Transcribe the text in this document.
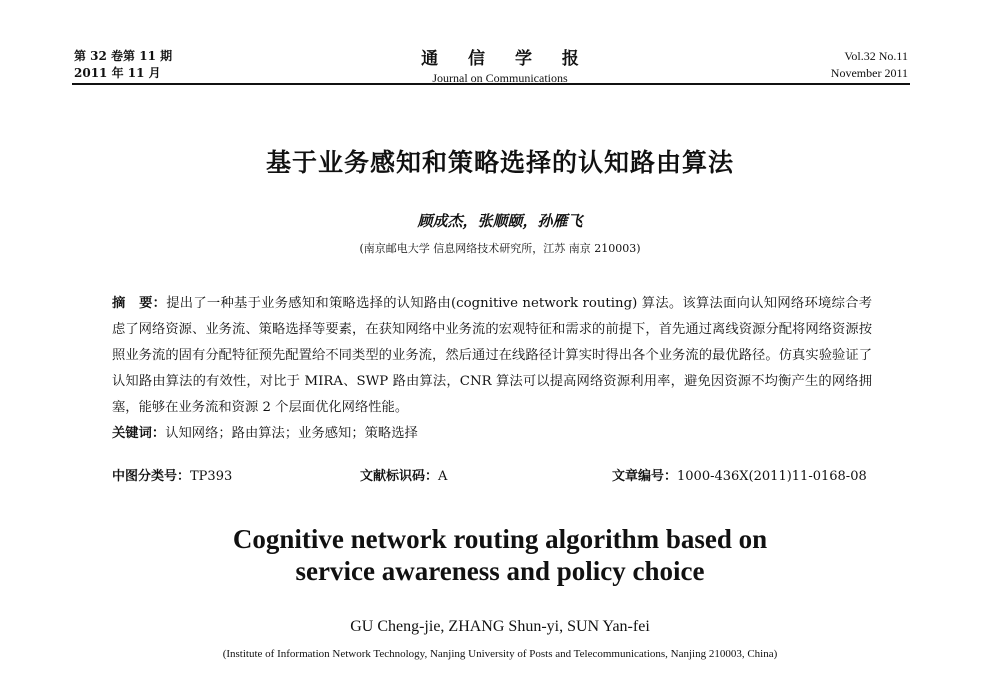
第 32 卷第 11 期
2011 年 11 月
通 信 学 报
Journal on Communications
Vol.32 No.11
November 2011
基于业务感知和策略选择的认知路由算法
顾成杰，张顺颐，孙雁飞
(南京邮电大学 信息网络技术研究所，江苏 南京 210003)
摘　要：提出了一种基于业务感知和策略选择的认知路由(cognitive network routing) 算法。该算法面向认知网络环境综合考虑了网络资源、业务流、策略选择等要素，在获知网络中业务流的宏观特征和需求的前提下，首先通过离线资源分配将网络资源按照业务流的固有分配特征预先配置给不同类型的业务流，然后通过在线路径计算实时得出各个业务流的最优路径。仿真实验验证了认知路由算法的有效性，对比于 MIRA、SWP 路由算法，CNR 算法可以提高网络资源利用率，避免因资源不均衡产生的网络拥塞，能够在业务流和资源 2 个层面优化网络性能。
关键词：认知网络；路由算法；业务感知；策略选择
中图分类号：TP393	文献标识码：A	文章编号：1000-436X(2011)11-0168-08
Cognitive network routing algorithm based on
service awareness and policy choice
GU Cheng-jie, ZHANG Shun-yi, SUN Yan-fei
(Institute of Information Network Technology, Nanjing University of Posts and Telecommunications, Nanjing 210003, China)
